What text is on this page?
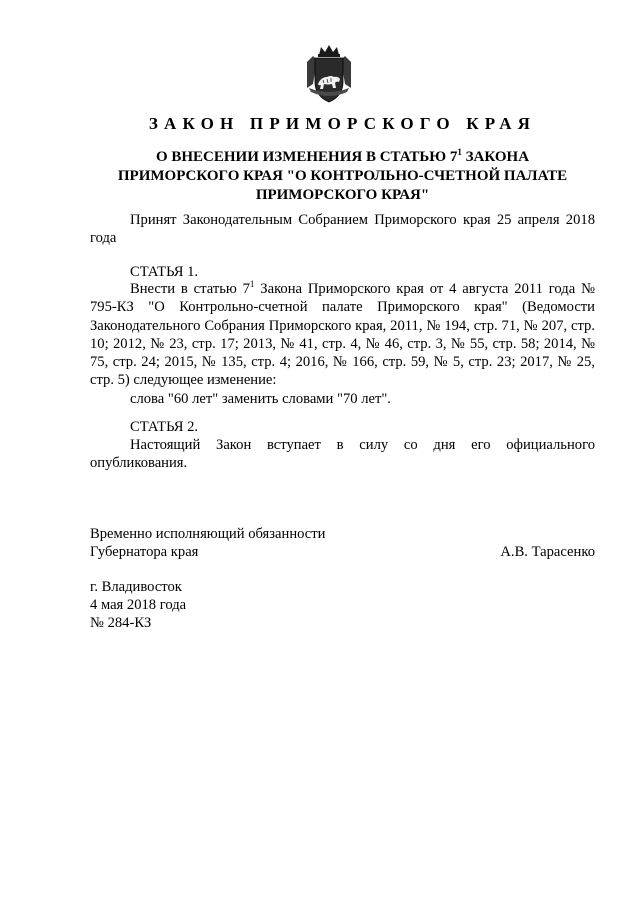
ЗАКОН ПРИМОРСКОГО КРАЯ
О ВНЕСЕНИИ ИЗМЕНЕНИЯ В СТАТЬЮ $7^1$ ЗАКОНА
ПРИМОРСКОГО КРАЯ "О КОНТРОЛЬНО-СЧЕТНОЙ ПАЛАТЕ
ПРИМОРСКОГО КРАЯ"
Принят Законодательным Собранием Приморского края 25 апреля 2018 года
СТАТЬЯ 1.

Внести в статью $7^1$ Закона Приморского края от 4 августа 2011 года № 795-КЗ "О Контрольно-счетной палате Приморского края" (Ведомости Законодательного Собрания Приморского края, 2011, № 194, стр. 71, № 207, стр. 10; 2012, № 23, стр. 17; 2013, № 41, стр. 4, № 46, стр. 3, № 55, стр. 58; 2014, № 75, стр. 24; 2015, № 135, стр. 4; 2016, № 166, стр. 59, № 5, стр. 23; 2017, № 25, стр. 5) следующее изменение:

слова "60 лет" заменить словами "70 лет".

СТАТЬЯ 2.

Настоящий Закон вступает в силу со дня его официального опубликования.

Временно исполняющий обязанности
Губернатора края	А.В. Тарасенко
г. Владивосток
4 мая 2018 года
№ 284-КЗ
